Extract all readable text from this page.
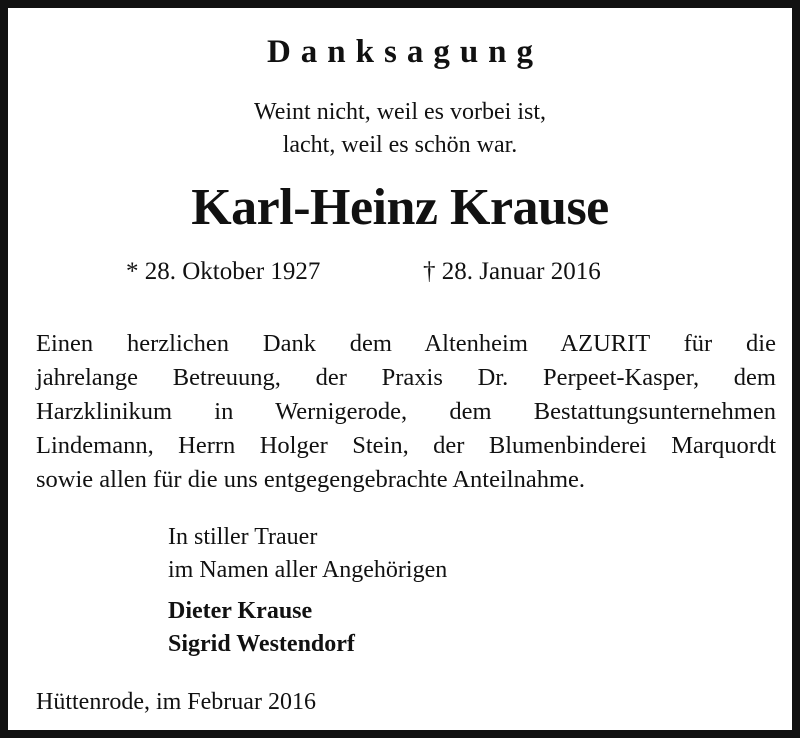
Danksagung
Weint nicht, weil es vorbei ist,
lacht, weil es schön war.
Karl-Heinz Krause
* 28. Oktober 1927	† 28. Januar 2016
Einen herzlichen Dank dem Altenheim AZURIT für die
jahrelange Betreuung, der Praxis Dr. Perpeet-Kasper, dem
Harzklinikum in Wernigerode, dem Bestattungsunternehmen
Lindemann, Herrn Holger Stein, der Blumenbinderei Marquordt
sowie allen für die uns entgegengebrachte Anteilnahme.
In stiller Trauer
im Namen aller Angehörigen
Dieter Krause
Sigrid Westendorf
Hüttenrode, im Februar 2016
